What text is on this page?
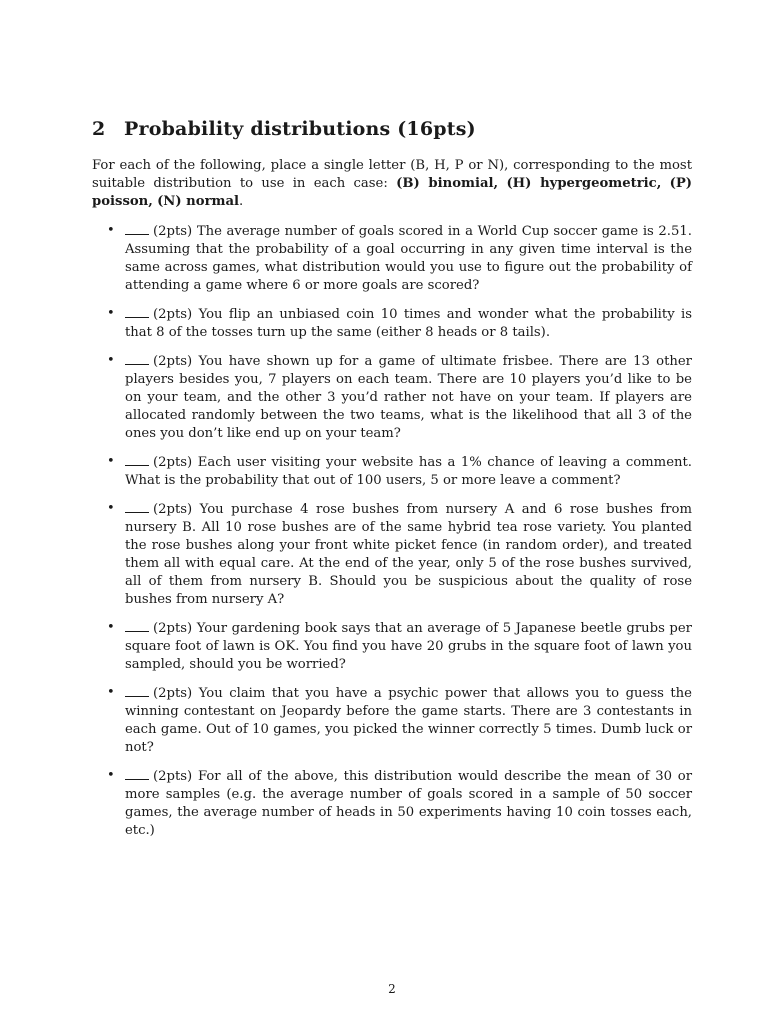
2 Probability distributions (16pts)

For each of the following, place a single letter (B, H, P or N), corresponding to the most suitable distribution to use in each case: (B) binomial, (H) hypergeometric, (P) poisson, (N) normal.

•	(2pts) The average number of goals scored in a World Cup soccer game is 2.51. Assuming that the probability of a goal occurring in any given time interval is the same across games, what distribution would you use to figure out the probability of attending a game where 6 or more goals are scored?
•	(2pts) You flip an unbiased coin 10 times and wonder what the probability is that 8 of the tosses turn up the same (either 8 heads or 8 tails).
•	(2pts) You have shown up for a game of ultimate frisbee. There are 13 other players besides you, 7 players on each team. There are 10 players you’d like to be on your team, and the other 3 you’d rather not have on your team. If players are allocated randomly between the two teams, what is the likelihood that all 3 of the ones you don’t like end up on your team?
•	(2pts) Each user visiting your website has a 1% chance of leaving a comment. What is the probability that out of 100 users, 5 or more leave a comment?
•	(2pts) You purchase 4 rose bushes from nursery A and 6 rose bushes from nursery B. All 10 rose bushes are of the same hybrid tea rose variety. You planted the rose bushes along your front white picket fence (in random order), and treated them all with equal care. At the end of the year, only 5 of the rose bushes survived, all of them from nursery B. Should you be suspicious about the quality of rose bushes from nursery A?
•	(2pts) Your gardening book says that an average of 5 Japanese beetle grubs per square foot of lawn is OK. You find you have 20 grubs in the square foot of lawn you sampled, should you be worried?
•	(2pts) You claim that you have a psychic power that allows you to guess the winning contestant on Jeopardy before the game starts. There are 3 contestants in each game. Out of 10 games, you picked the winner correctly 5 times. Dumb luck or not?
•	(2pts) For all of the above, this distribution would describe the mean of 30 or more samples (e.g. the average number of goals scored in a sample of 50 soccer games, the average number of heads in 50 experiments having 10 coin tosses each, etc.)
2
